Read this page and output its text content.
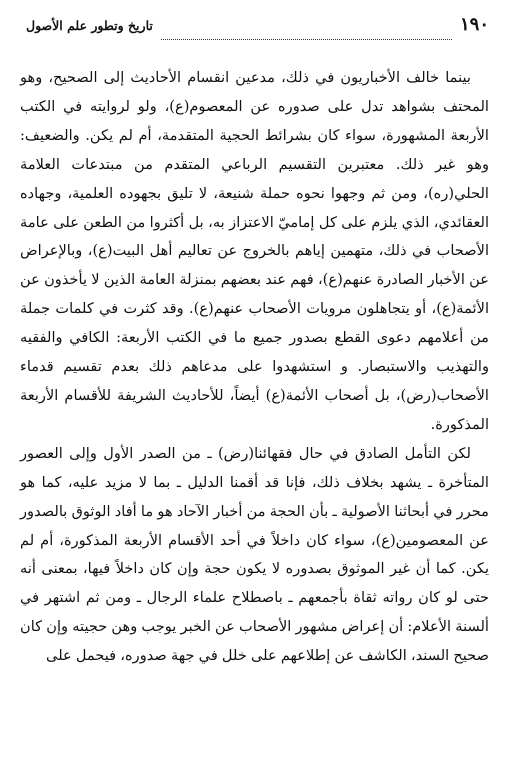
١٩٠
تاريخ وتطور علم الأصول

بينما خالف الأخباريون في ذلك، مدعين انقسام الأحاديث إلى الصحيح، وهو المحتف بشواهد تدل على صدوره عن المعصوم(ع)، ولو لروايته في الكتب الأربعة المشهورة، سواء كان بشرائط الحجية المتقدمة، أم لم يكن. والضعيف: وهو غير ذلك. معتبرين التقسيم الرباعي المتقدم من مبتدعات العلامة الحلي(ره)، ومن ثم وجهوا نحوه حملة شنيعة، لا تليق بجهوده العلمية، وجهاده العقائدي، الذي يلزم على كل إماميّ الاعتزاز به، بل أكثروا من الطعن على عامة الأصحاب في ذلك، متهمين إياهم بالخروج عن تعاليم أهل البيت(ع)، وبالإعراض عن الأخبار الصادرة عنهم(ع)، فهم عند بعضهم بمنزلة العامة الذين لا يأخذون عن الأئمة(ع)، أو يتجاهلون مرويات الأصحاب عنهم(ع). وقد كثرت في كلمات جملة من أعلامهم دعوى القطع بصدور جميع ما في الكتب الأربعة: الكافي والفقيه والتهذيب والاستبصار. و استشهدوا على مدعاهم ذلك بعدم تقسيم قدماء الأصحاب(رض)، بل أصحاب الأئمة(ع) أيضاً، للأحاديث الشريفة للأقسام الأربعة المذكورة.

لكن التأمل الصادق في حال فقهائنا(رض) ـ من الصدر الأول وإلى العصور المتأخرة ـ يشهد بخلاف ذلك، فإنا قد أقمنا الدليل ـ بما لا مزيد عليه، كما هو محرر في أبحاثنا الأصولية ـ بأن الحجة من أخبار الآحاد هو ما أفاد الوثوق بالصدور عن المعصومين(ع)، سواء كان داخلاً في أحد الأقسام الأربعة المذكورة، أم لم يكن. كما أن غير الموثوق بصدوره لا يكون حجة وإن كان داخلاً فيها، بمعنى أنه حتى لو كان رواته ثقاة بأجمعهم ـ باصطلاح علماء الرجال ـ ومن ثم اشتهر في ألسنة الأعلام: أن إعراض مشهور الأصحاب عن الخبر يوجب وهن حجيته وإن كان صحيح السند، الكاشف عن إطلاعهم على خلل في جهة صدوره، فيحمل على
